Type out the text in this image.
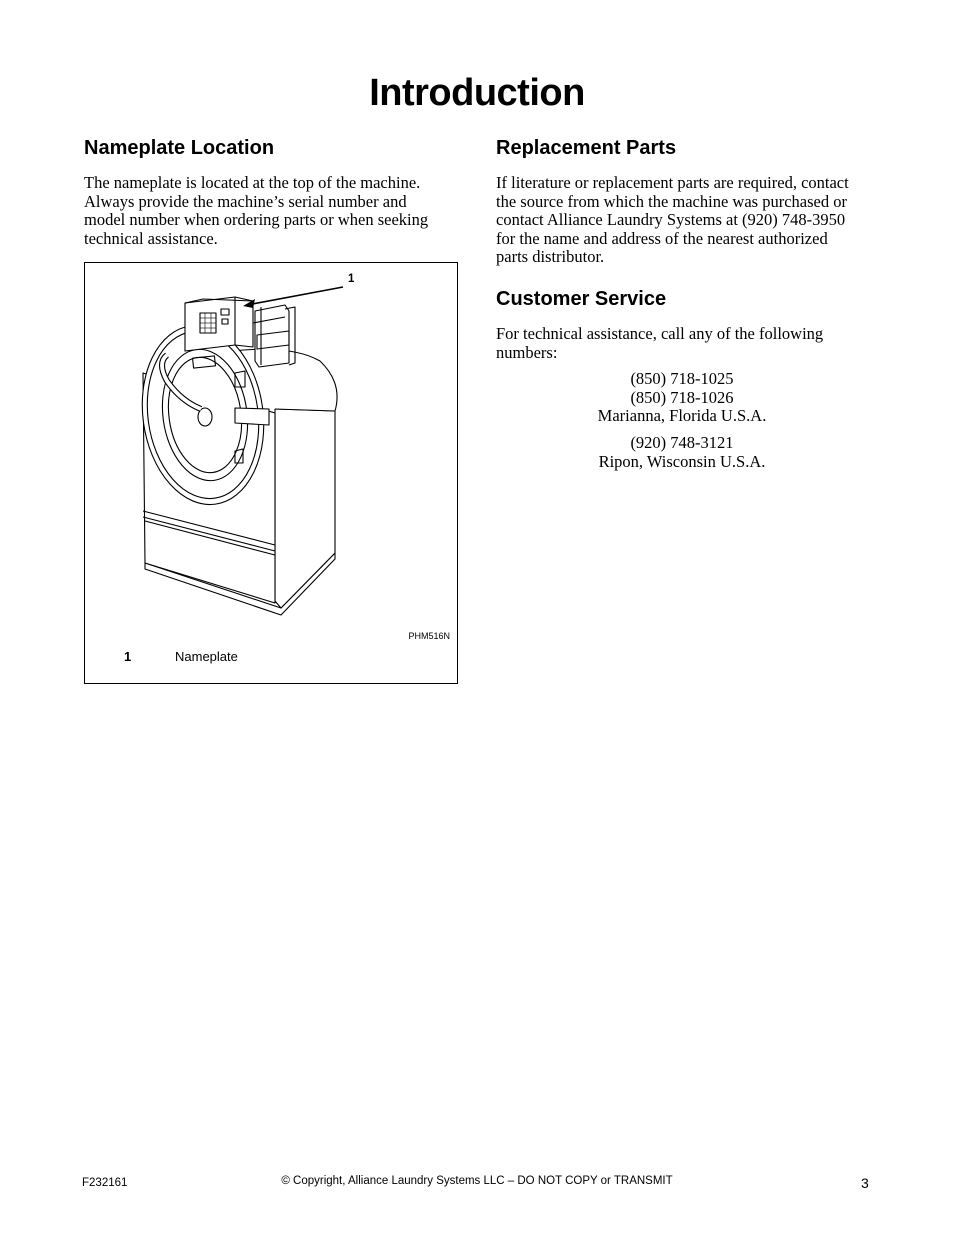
Introduction
Nameplate Location

The nameplate is located at the top of the machine.
Always provide the machine’s serial number and
model number when ordering parts or when seeking
technical assistance.

1
PHM516N
1	Nameplate
Replacement Parts

If literature or replacement parts are required, contact
the source from which the machine was purchased or
contact Alliance Laundry Systems at (920) 748-3950
for the name and address of the nearest authorized
parts distributor.

Customer Service

For technical assistance, call any of the following
numbers:

(850) 718-1025
(850) 718-1026
Marianna, Florida U.S.A.
(920) 748-3121
Ripon, Wisconsin U.S.A.
F232161	© Copyright, Alliance Laundry Systems LLC – DO NOT COPY or TRANSMIT	3
